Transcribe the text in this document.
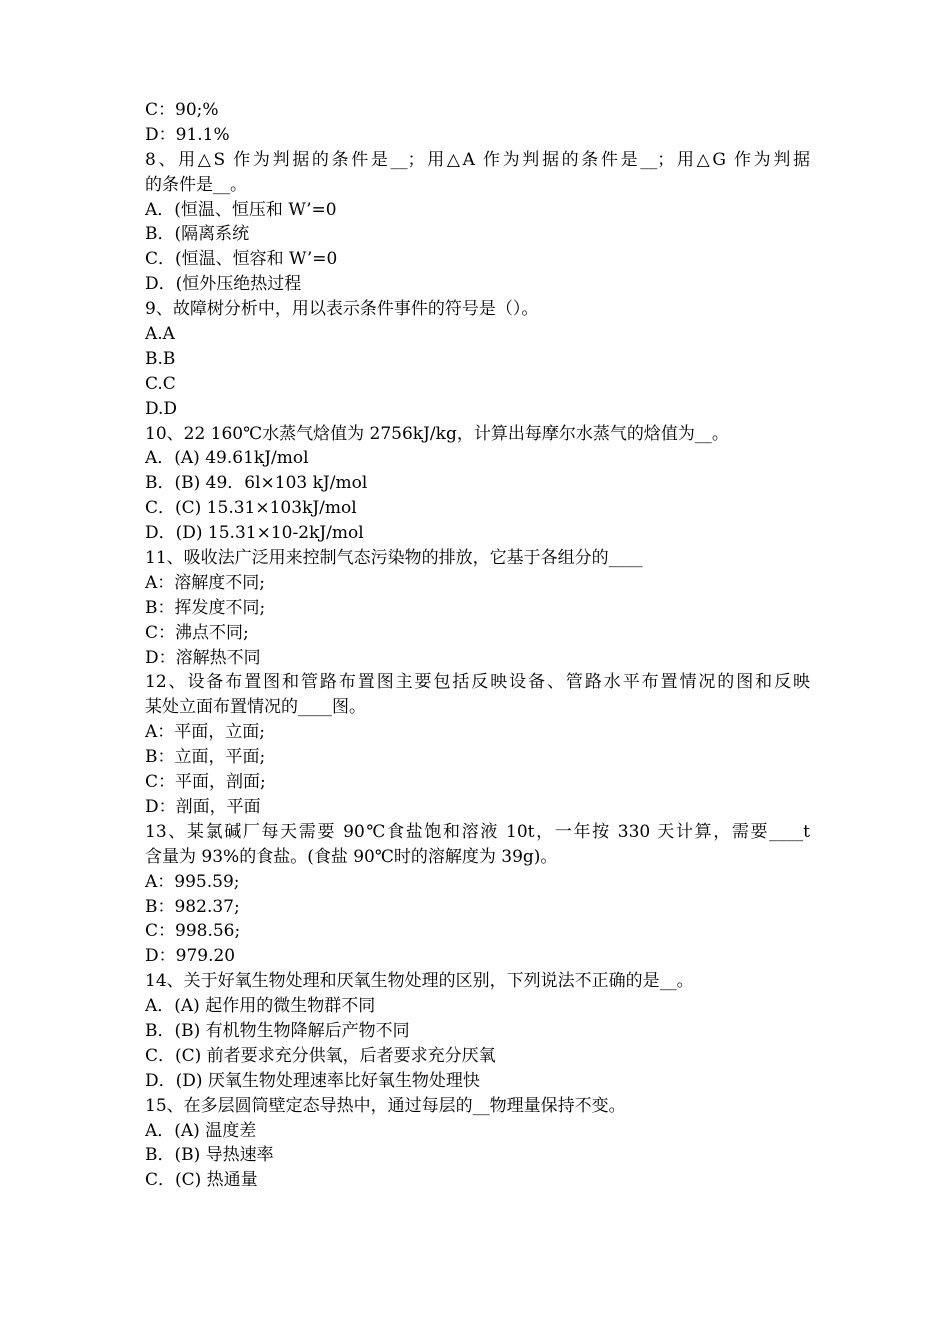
C：90;%
D：91.1%
8、用△S 作为判据的条件是__；用△A 作为判据的条件是__；用△G 作为判据
的条件是__。
A．(恒温、恒压和 W’=0
B．(隔离系统
C．(恒温、恒容和 W’=0
D．(恒外压绝热过程
9、故障树分析中，用以表示条件事件的符号是（）。
A.A
B.B
C.C
D.D
10、22 160℃水蒸气焓值为 2756kJ/kg，计算出每摩尔水蒸气的焓值为__。
A．(A) 49.61kJ/mol
B．(B) 49．6l×103 kJ/mol
C．(C) 15.31×103kJ/mol
D．(D) 15.31×10-2kJ/mol
11、吸收法广泛用来控制气态污染物的排放，它基于各组分的____
A：溶解度不同;
B：挥发度不同;
C：沸点不同;
D：溶解热不同
12、设备布置图和管路布置图主要包括反映设备、管路水平布置情况的图和反映
某处立面布置情况的____图。
A：平面，立面;
B：立面，平面;
C：平面，剖面;
D：剖面，平面
13、某氯碱厂每天需要 90℃食盐饱和溶液 10t，一年按 330 天计算，需要____t
含量为 93%的食盐。(食盐 90℃时的溶解度为 39g)。
A：995.59;
B：982.37;
C：998.56;
D：979.20
14、关于好氧生物处理和厌氧生物处理的区别，下列说法不正确的是__。
A．(A) 起作用的微生物群不同
B．(B) 有机物生物降解后产物不同
C．(C) 前者要求充分供氧，后者要求充分厌氧
D．(D) 厌氧生物处理速率比好氧生物处理快
15、在多层圆筒壁定态导热中，通过每层的__物理量保持不变。
A．(A) 温度差
B．(B) 导热速率
C．(C) 热通量
